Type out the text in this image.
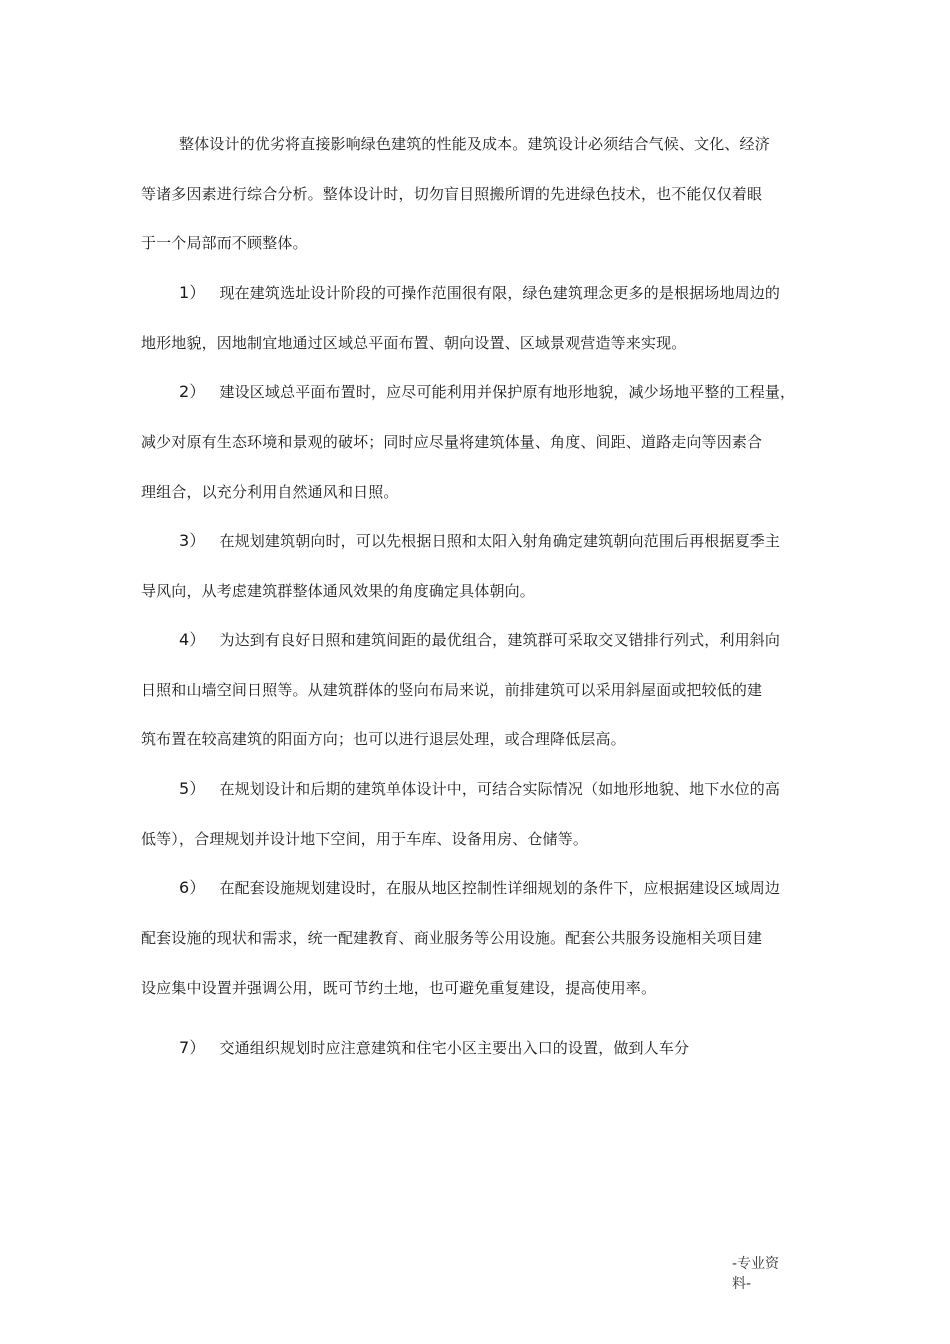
整体设计的优劣将直接影响绿色建筑的性能及成本。建筑设计必须结合气候、文化、经济
等诸多因素进行综合分析。整体设计时，切勿盲目照搬所谓的先进绿色技术，也不能仅仅着眼
于一个局部而不顾整体。
1） 现在建筑选址设计阶段的可操作范围很有限，绿色建筑理念更多的是根据场地周边的
地形地貌，因地制宜地通过区域总平面布置、朝向设置、区域景观营造等来实现。
2） 建设区域总平面布置时，应尽可能利用并保护原有地形地貌，减少场地平整的工程量，
减少对原有生态环境和景观的破坏；同时应尽量将建筑体量、角度、间距、道路走向等因素合
理组合，以充分利用自然通风和日照。
3） 在规划建筑朝向时，可以先根据日照和太阳入射角确定建筑朝向范围后再根据夏季主
导风向，从考虑建筑群整体通风效果的角度确定具体朝向。
4） 为达到有良好日照和建筑间距的最优组合，建筑群可采取交叉错排行列式，利用斜向
日照和山墙空间日照等。从建筑群体的竖向布局来说，前排建筑可以采用斜屋面或把较低的建
筑布置在较高建筑的阳面方向；也可以进行退层处理，或合理降低层高。
5） 在规划设计和后期的建筑单体设计中，可结合实际情况（如地形地貌、地下水位的高
低等），合理规划并设计地下空间，用于车库、设备用房、仓储等。
6） 在配套设施规划建设时，在服从地区控制性详细规划的条件下，应根据建设区域周边
配套设施的现状和需求，统一配建教育、商业服务等公用设施。配套公共服务设施相关项目建
设应集中设置并强调公用，既可节约土地，也可避免重复建设，提高使用率。
7） 交通组织规划时应注意建筑和住宅小区主要出入口的设置，做到人车分
-专业资
料-
